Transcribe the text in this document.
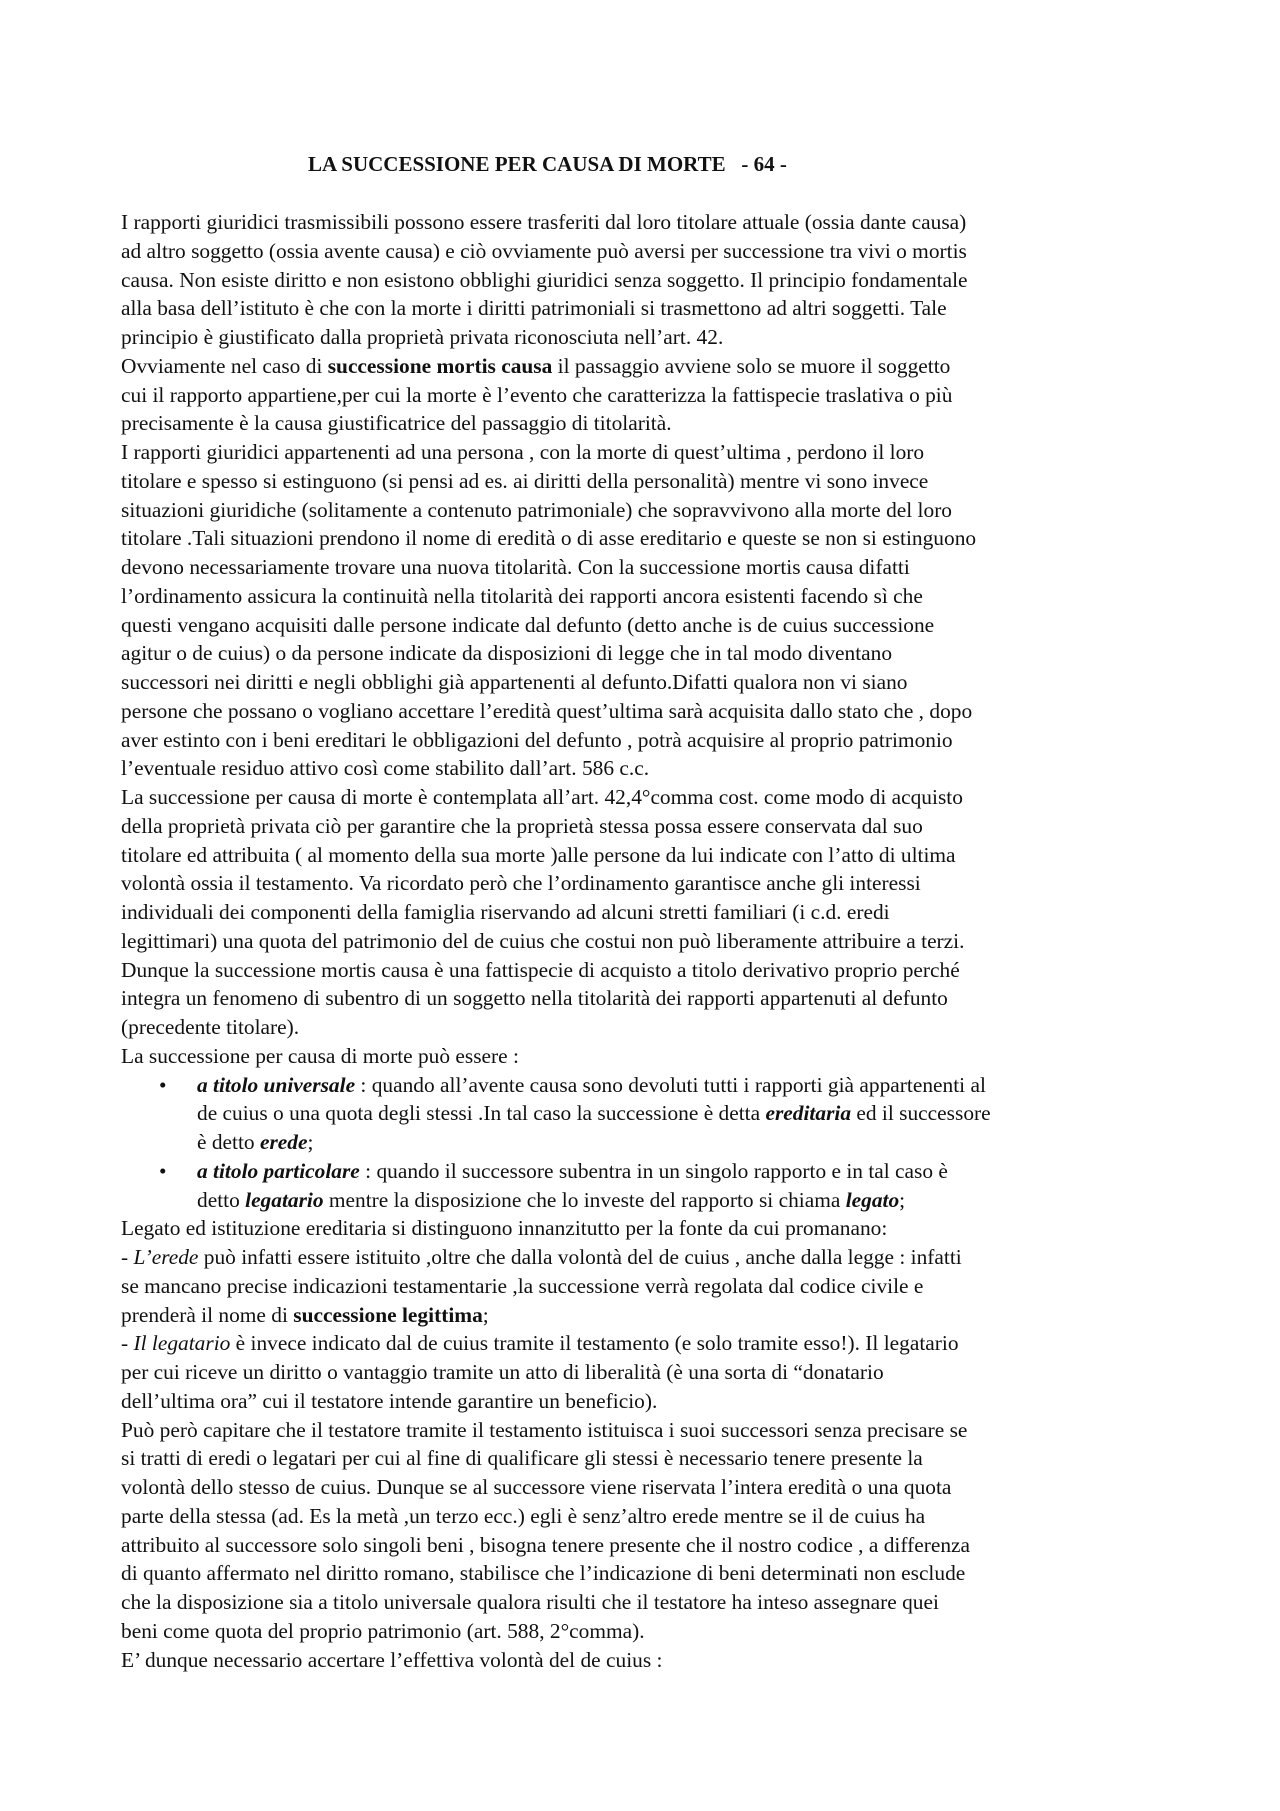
LA SUCCESSIONE PER CAUSA DI MORTE   - 64 -
I rapporti giuridici trasmissibili possono essere trasferiti dal loro titolare attuale (ossia dante causa)
ad altro soggetto (ossia avente causa) e ciò ovviamente può aversi per successione tra vivi o mortis
causa. Non esiste diritto e non esistono obblighi giuridici senza soggetto. Il principio fondamentale
alla basa dell’istituto è che con la morte i diritti patrimoniali si trasmettono ad altri soggetti. Tale
principio è giustificato dalla proprietà privata riconosciuta nell’art. 42.
Ovviamente nel caso di successione mortis causa il passaggio avviene solo se muore il soggetto
cui il rapporto appartiene,per cui la morte è l’evento che caratterizza la fattispecie traslativa o più
precisamente è la causa giustificatrice del passaggio di titolarità.
I rapporti giuridici appartenenti ad una persona , con la morte di quest’ultima , perdono il loro
titolare e spesso si estinguono (si pensi ad es. ai diritti della personalità) mentre vi sono invece
situazioni giuridiche (solitamente a contenuto patrimoniale) che sopravvivono alla morte del loro
titolare .Tali situazioni prendono il nome di eredità o di asse ereditario e queste se non si estinguono
devono necessariamente trovare una nuova titolarità. Con la successione mortis causa difatti
l’ordinamento assicura la continuità nella titolarità dei rapporti ancora esistenti facendo sì che
questi vengano acquisiti dalle persone indicate dal defunto (detto anche is de cuius successione
agitur o de cuius) o da persone indicate da disposizioni di legge che in tal modo diventano
successori nei diritti e negli obblighi già appartenenti al defunto.Difatti qualora non vi siano
persone che possano o vogliano accettare l’eredità quest’ultima sarà acquisita dallo stato che , dopo
aver estinto con i beni ereditari le obbligazioni del defunto , potrà acquisire al proprio patrimonio
l’eventuale residuo attivo così come stabilito dall’art. 586 c.c.
La successione per causa di morte è contemplata all’art. 42,4°comma cost. come modo di acquisto
della proprietà privata ciò per garantire che la proprietà stessa possa essere conservata dal suo
titolare ed attribuita ( al momento della sua morte )alle persone da lui indicate con l’atto di ultima
volontà ossia il testamento. Va ricordato però che l’ordinamento garantisce anche gli interessi
individuali dei componenti della famiglia riservando ad alcuni stretti familiari (i c.d. eredi
legittimari) una quota del patrimonio del de cuius che costui non può liberamente attribuire a terzi.
Dunque la successione mortis causa è una fattispecie di acquisto a titolo derivativo proprio perché
integra un fenomeno di subentro di un soggetto nella titolarità dei rapporti appartenuti al defunto
(precedente titolare).
La successione per causa di morte può essere :
• a titolo universale : quando all’avente causa sono devoluti tutti i rapporti già appartenenti al
de cuius o una quota degli stessi .In tal caso la successione è detta ereditaria ed il successore
è detto erede;
• a titolo particolare : quando il successore subentra in un singolo rapporto e in tal caso è
detto legatario mentre la disposizione che lo investe del rapporto si chiama legato;
Legato ed istituzione ereditaria si distinguono innanzitutto per la fonte da cui promanano:
- L’erede può infatti essere istituito ,oltre che dalla volontà del de cuius , anche dalla legge : infatti
se mancano precise indicazioni testamentarie ,la successione verrà regolata dal codice civile e
prenderà il nome di successione legittima;
- Il legatario è invece indicato dal de cuius tramite il testamento (e solo tramite esso!). Il legatario
per cui riceve un diritto o vantaggio tramite un atto di liberalità (è una sorta di “donatario
dell’ultima ora” cui il testatore intende garantire un beneficio).
Può però capitare che il testatore tramite il testamento istituisca i suoi successori senza precisare se
si tratti di eredi o legatari per cui al fine di qualificare gli stessi è necessario tenere presente la
volontà dello stesso de cuius. Dunque se al successore viene riservata l’intera eredità o una quota
parte della stessa (ad. Es la metà ,un terzo ecc.) egli è senz’altro erede mentre se il de cuius ha
attribuito al successore solo singoli beni , bisogna tenere presente che il nostro codice , a differenza
di quanto affermato nel diritto romano, stabilisce che l’indicazione di beni determinati non esclude
che la disposizione sia a titolo universale qualora risulti che il testatore ha inteso assegnare quei
beni come quota del proprio patrimonio (art. 588, 2°comma).
E’ dunque necessario accertare l’effettiva volontà del de cuius :
